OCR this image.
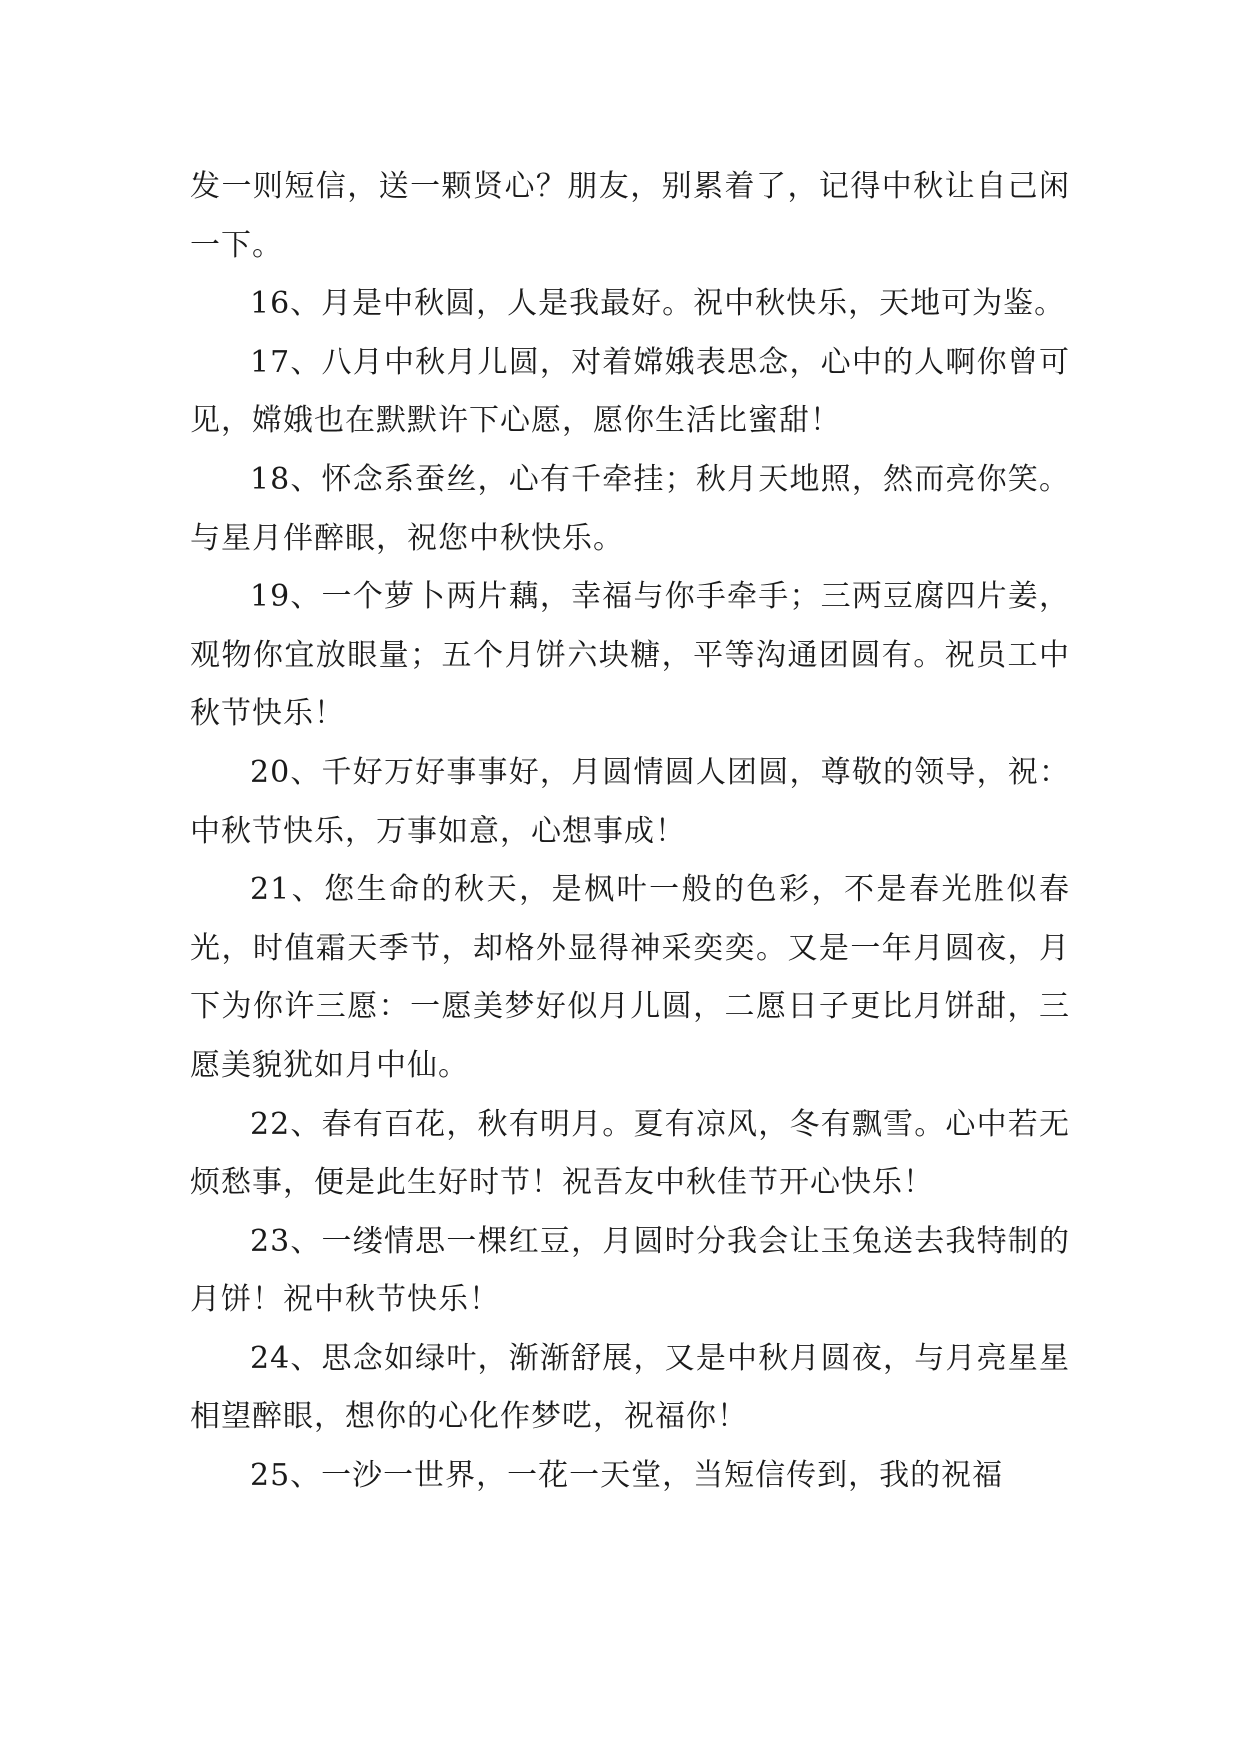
发一则短信，送一颗贤心？朋友，别累着了，记得中秋让自己闲一下。

16、月是中秋圆，人是我最好。祝中秋快乐，天地可为鉴。

17、八月中秋月儿圆，对着嫦娥表思念，心中的人啊你曾可见，嫦娥也在默默许下心愿，愿你生活比蜜甜！

18、怀念系蚕丝，心有千牵挂；秋月天地照，然而亮你笑。与星月伴醉眼，祝您中秋快乐。

19、一个萝卜两片藕，幸福与你手牵手；三两豆腐四片姜，观物你宜放眼量；五个月饼六块糖，平等沟通团圆有。祝员工中秋节快乐！

20、千好万好事事好，月圆情圆人团圆，尊敬的领导，祝：中秋节快乐，万事如意，心想事成！

21、您生命的秋天，是枫叶一般的色彩，不是春光胜似春光，时值霜天季节，却格外显得神采奕奕。又是一年月圆夜，月下为你许三愿：一愿美梦好似月儿圆，二愿日子更比月饼甜，三愿美貌犹如月中仙。

22、春有百花，秋有明月。夏有凉风，冬有飘雪。心中若无烦愁事，便是此生好时节！祝吾友中秋佳节开心快乐！

23、一缕情思一棵红豆，月圆时分我会让玉兔送去我特制的月饼！祝中秋节快乐！

24、思念如绿叶，渐渐舒展，又是中秋月圆夜，与月亮星星相望醉眼，想你的心化作梦呓，祝福你！

25、一沙一世界，一花一天堂，当短信传到，我的祝福
